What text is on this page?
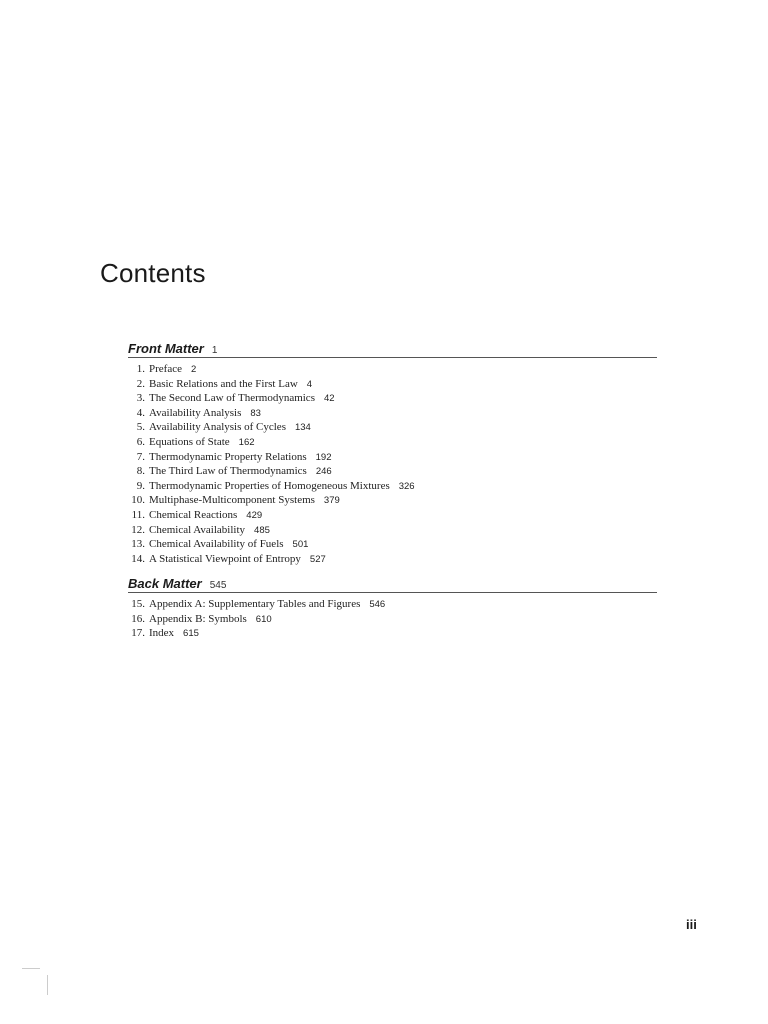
Contents
Front Matter 1
1.
Preface 2
2.
Basic Relations and the First Law 4
3.
The Second Law of Thermodynamics 42
4.
Availability Analysis 83
5.
Availability Analysis of Cycles 134
6.
Equations of State 162
7.
Thermodynamic Property Relations 192
8.
The Third Law of Thermodynamics 246
9.
Thermodynamic Properties of Homogeneous Mixtures 326
10.
Multiphase-Multicomponent Systems 379
11.
Chemical Reactions 429
12.
Chemical Availability 485
13.
Chemical Availability of Fuels 501
14.
A Statistical Viewpoint of Entropy 527
Back Matter 545
15.
Appendix A: Supplementary Tables and Figures 546
16.
Appendix B: Symbols 610
17.
Index 615
iii
